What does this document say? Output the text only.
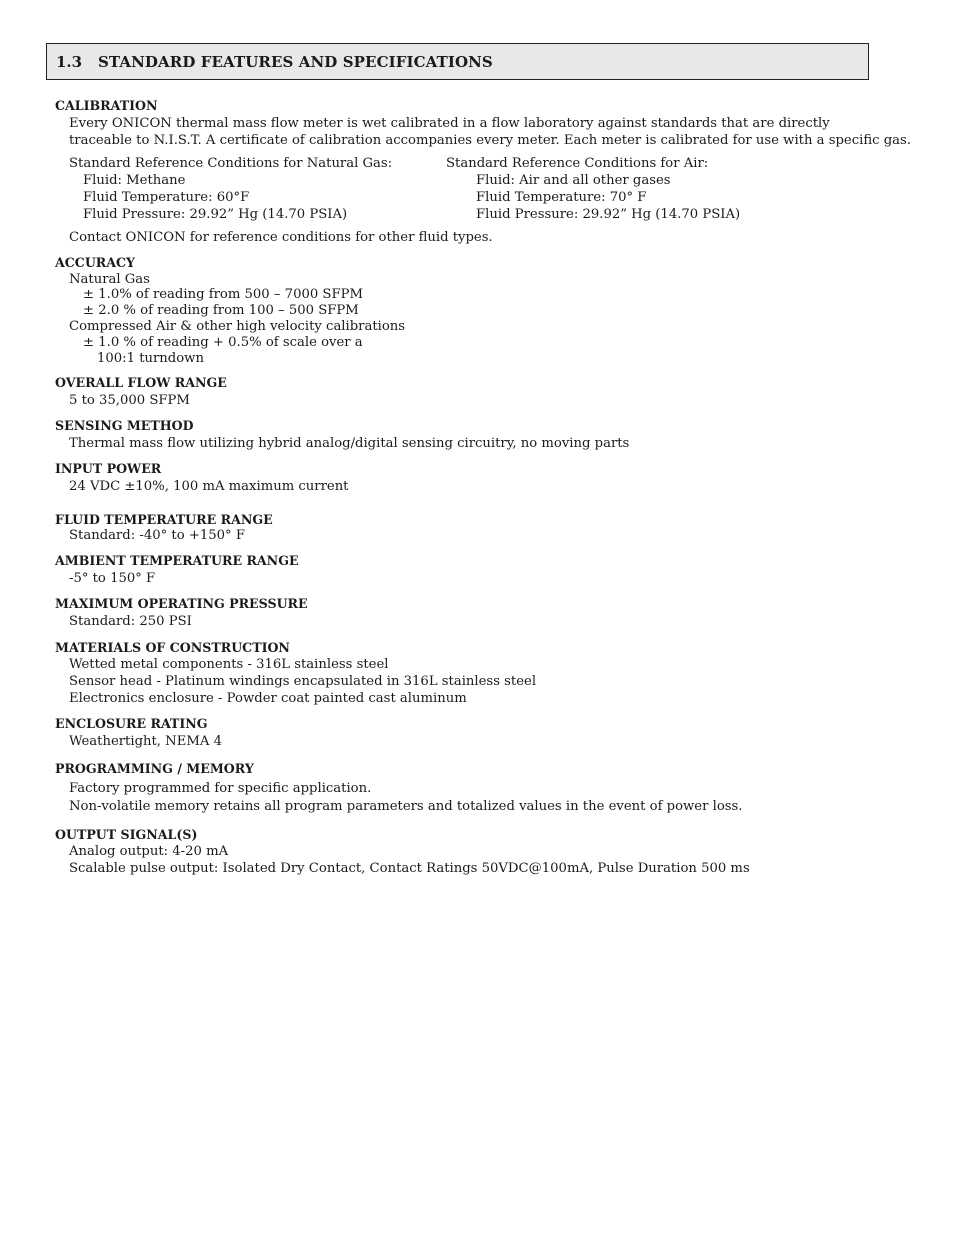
1.3 STANDARD FEATURES AND SPECIFICATIONS
CALIBRATION
Every ONICON thermal mass flow meter is wet calibrated in a flow laboratory against standards that are directly
traceable to N.I.S.T. A certificate of calibration accompanies every meter. Each meter is calibrated for use with a specific gas.
Standard Reference Conditions for Natural Gas:
Fluid: Methane
Fluid Temperature: 60°F
Fluid Pressure: 29.92” Hg (14.70 PSIA)
Standard Reference Conditions for Air:
Fluid: Air and all other gases
Fluid Temperature: 70° F
Fluid Pressure: 29.92” Hg (14.70 PSIA)
Contact ONICON for reference conditions for other fluid types.
ACCURACY
Natural Gas
± 1.0% of reading from 500 – 7000 SFPM
± 2.0 % of reading from 100 – 500 SFPM
Compressed Air & other high velocity calibrations
± 1.0 % of reading + 0.5% of scale over a
100:1 turndown
OVERALL FLOW RANGE
5 to 35,000 SFPM
SENSING METHOD
Thermal mass flow utilizing hybrid analog/digital sensing circuitry, no moving parts
INPUT POWER
24 VDC ±10%, 100 mA maximum current
FLUID TEMPERATURE RANGE
Standard: -40° to +150° F
AMBIENT TEMPERATURE RANGE
-5° to 150° F
MAXIMUM OPERATING PRESSURE
Standard: 250 PSI
MATERIALS OF CONSTRUCTION
Wetted metal components - 316L stainless steel
Sensor head - Platinum windings encapsulated in 316L stainless steel
Electronics enclosure - Powder coat painted cast aluminum
ENCLOSURE RATING
Weathertight, NEMA 4
PROGRAMMING / MEMORY
Factory programmed for specific application.
Non-volatile memory retains all program parameters and totalized values in the event of power loss.
OUTPUT SIGNAL(S)
Analog output: 4-20 mA
Scalable pulse output: Isolated Dry Contact, Contact Ratings 50VDC@100mA, Pulse Duration 500 ms
